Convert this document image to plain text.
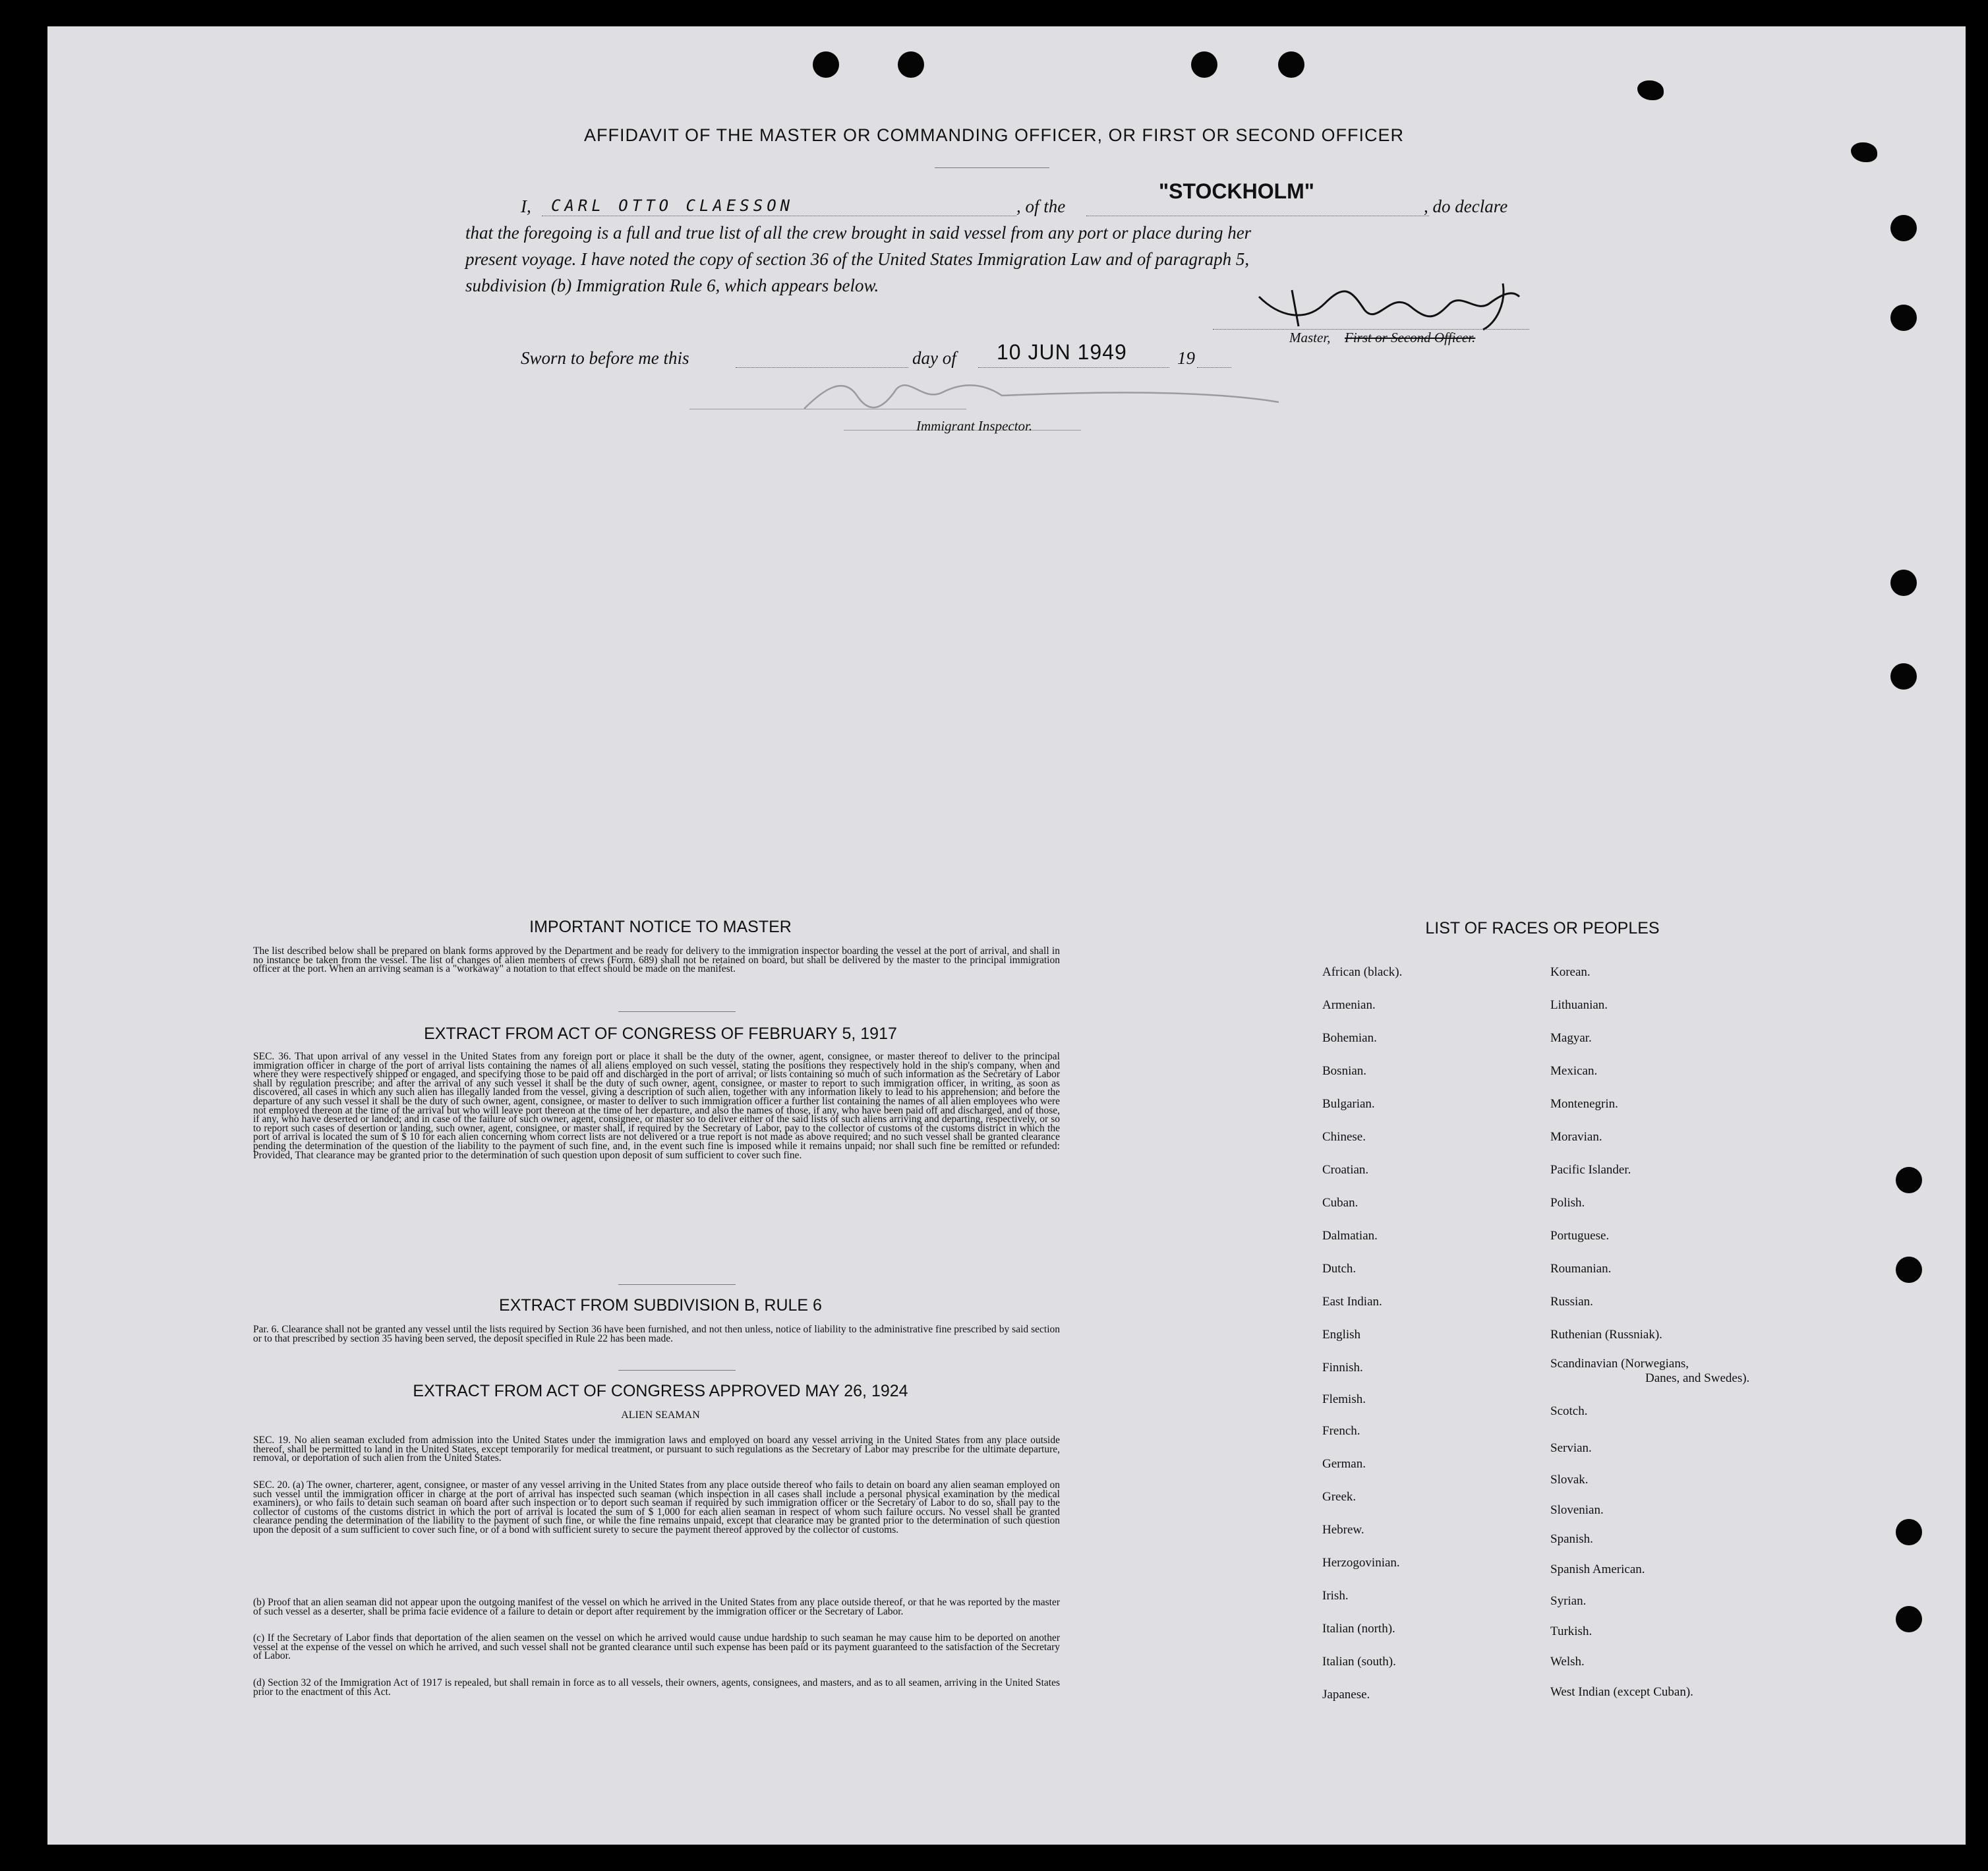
AFFIDAVIT OF THE MASTER OR COMMANDING OFFICER, OR FIRST OR SECOND OFFICER
I, CARL OTTO CLAESSON	, of the
"STOCKHOLM"
, do declare
that the foregoing is a full and true list of all the crew brought in said vessel from any port or place during her
present voyage. I have noted the copy of section 36 of the United States Immigration Law and of paragraph 5,
subdivision (b) Immigration Rule 6, which appears below.
Master, First or Second Officer.
Sworn to before me this	day of 10 JUN 1949	19
Immigrant Inspector.
IMPORTANT NOTICE TO MASTER
The list described below shall be prepared on blank forms approved by the Department and be ready for delivery to the immigration inspector boarding the vessel at the port of arrival, and shall in no instance be taken from the vessel. The list of changes of alien members of crews (Form. 689) shall not be retained on board, but shall be delivered by the master to the principal immigration officer at the port. When an arriving seaman is a "workaway" a notation to that effect should be made on the manifest.
EXTRACT FROM ACT OF CONGRESS OF FEBRUARY 5, 1917
SEC. 36. That upon arrival of any vessel in the United States from any foreign port or place it shall be the duty of the owner, agent, consignee, or master thereof to deliver to the principal immigration officer in charge of the port of arrival lists containing the names of all aliens employed on such vessel, stating the positions they respectively hold in the ship's company, when and where they were respectively shipped or engaged, and specifying those to be paid off and discharged in the port of arrival; or lists containing so much of such information as the Secretary of Labor shall by regulation prescribe; and after the arrival of any such vessel it shall be the duty of such owner, agent, consignee, or master to report to such immigration officer, in writing, as soon as discovered, all cases in which any such alien has illegally landed from the vessel, giving a description of such alien, together with any information likely to lead to his apprehension; and before the departure of any such vessel it shall be the duty of such owner, agent, consignee, or master to deliver to such immigration officer a further list containing the names of all alien employees who were not employed thereon at the time of the arrival but who will leave port thereon at the time of her departure, and also the names of those, if any, who have been paid off and discharged, and of those, if any, who have deserted or landed; and in case of the failure of such owner, agent, consignee, or master so to deliver either of the said lists of such aliens arriving and departing, respectively, or so to report such cases of desertion or landing, such owner, agent, consignee, or master shall, if required by the Secretary of Labor, pay to the collector of customs of the customs district in which the port of arrival is located the sum of $ 10 for each alien concerning whom correct lists are not delivered or a true report is not made as above required; and no such vessel shall be granted clearance pending the determination of the question of the liability to the payment of such fine, and, in the event such fine is imposed while it remains unpaid; nor shall such fine be remitted or refunded: Provided, That clearance may be granted prior to the determination of such question upon deposit of sum sufficient to cover such fine.
EXTRACT FROM SUBDIVISION B, RULE 6
Par. 6. Clearance shall not be granted any vessel until the lists required by Section 36 have been furnished, and not then unless, notice of liability to the administrative fine prescribed by said section or to that prescribed by section 35 having been served, the deposit specified in Rule 22 has been made.
EXTRACT FROM ACT OF CONGRESS APPROVED MAY 26, 1924
ALIEN SEAMAN
SEC. 19. No alien seaman excluded from admission into the United States under the immigration laws and employed on board any vessel arriving in the United States from any place outside thereof, shall be permitted to land in the United States, except temporarily for medical treatment, or pursuant to such regulations as the Secretary of Labor may prescribe for the ultimate departure, removal, or deportation of such alien from the United States.
SEC. 20. (a) The owner, charterer, agent, consignee, or master of any vessel arriving in the United States from any place outside thereof who fails to detain on board any alien seaman employed on such vessel until the immigration officer in charge at the port of arrival has inspected such seaman (which inspection in all cases shall include a personal physical examination by the medical examiners), or who fails to detain such seaman on board after such inspection or to deport such seaman if required by such immigration officer or the Secretary of Labor to do so, shall pay to the collector of customs of the customs district in which the port of arrival is located the sum of $ 1,000 for each alien seaman in respect of whom such failure occurs. No vessel shall be granted clearance pending the determination of the liability to the payment of such fine, or while the fine remains unpaid, except that clearance may be granted prior to the determination of such question upon the deposit of a sum sufficient to cover such fine, or of a bond with sufficient surety to secure the payment thereof approved by the collector of customs.
(b) Proof that an alien seaman did not appear upon the outgoing manifest of the vessel on which he arrived in the United States from any place outside thereof, or that he was reported by the master of such vessel as a deserter, shall be prima facie evidence of a failure to detain or deport after requirement by the immigration officer or the Secretary of Labor.
(c) If the Secretary of Labor finds that deportation of the alien seamen on the vessel on which he arrived would cause undue hardship to such seaman he may cause him to be deported on another vessel at the expense of the vessel on which he arrived, and such vessel shall not be granted clearance until such expense has been paid or its payment guaranteed to the satisfaction of the Secretary of Labor.
(d) Section 32 of the Immigration Act of 1917 is repealed, but shall remain in force as to all vessels, their owners, agents, consignees, and masters, and as to all seamen, arriving in the United States prior to the enactment of this Act.
LIST OF RACES OR PEOPLES
African (black).
Armenian.
Bohemian.
Bosnian.
Bulgarian.
Chinese.
Croatian.
Cuban.
Dalmatian.
Dutch.
East Indian.
English
Finnish.
Flemish.
French.
German.
Greek.
Hebrew.
Herzogovinian.
Irish.
Italian (north).
Italian (south).
Japanese.
Korean.
Lithuanian.
Magyar.
Mexican.
Montenegrin.
Moravian.
Pacific Islander.
Polish.
Portuguese.
Roumanian.
Russian.
Ruthenian (Russniak).
Scandinavian (Norwegians,
Danes, and Swedes).
Scotch.
Servian.
Slovak.
Slovenian.
Spanish.
Spanish American.
Syrian.
Turkish.
Welsh.
West Indian (except Cuban).
